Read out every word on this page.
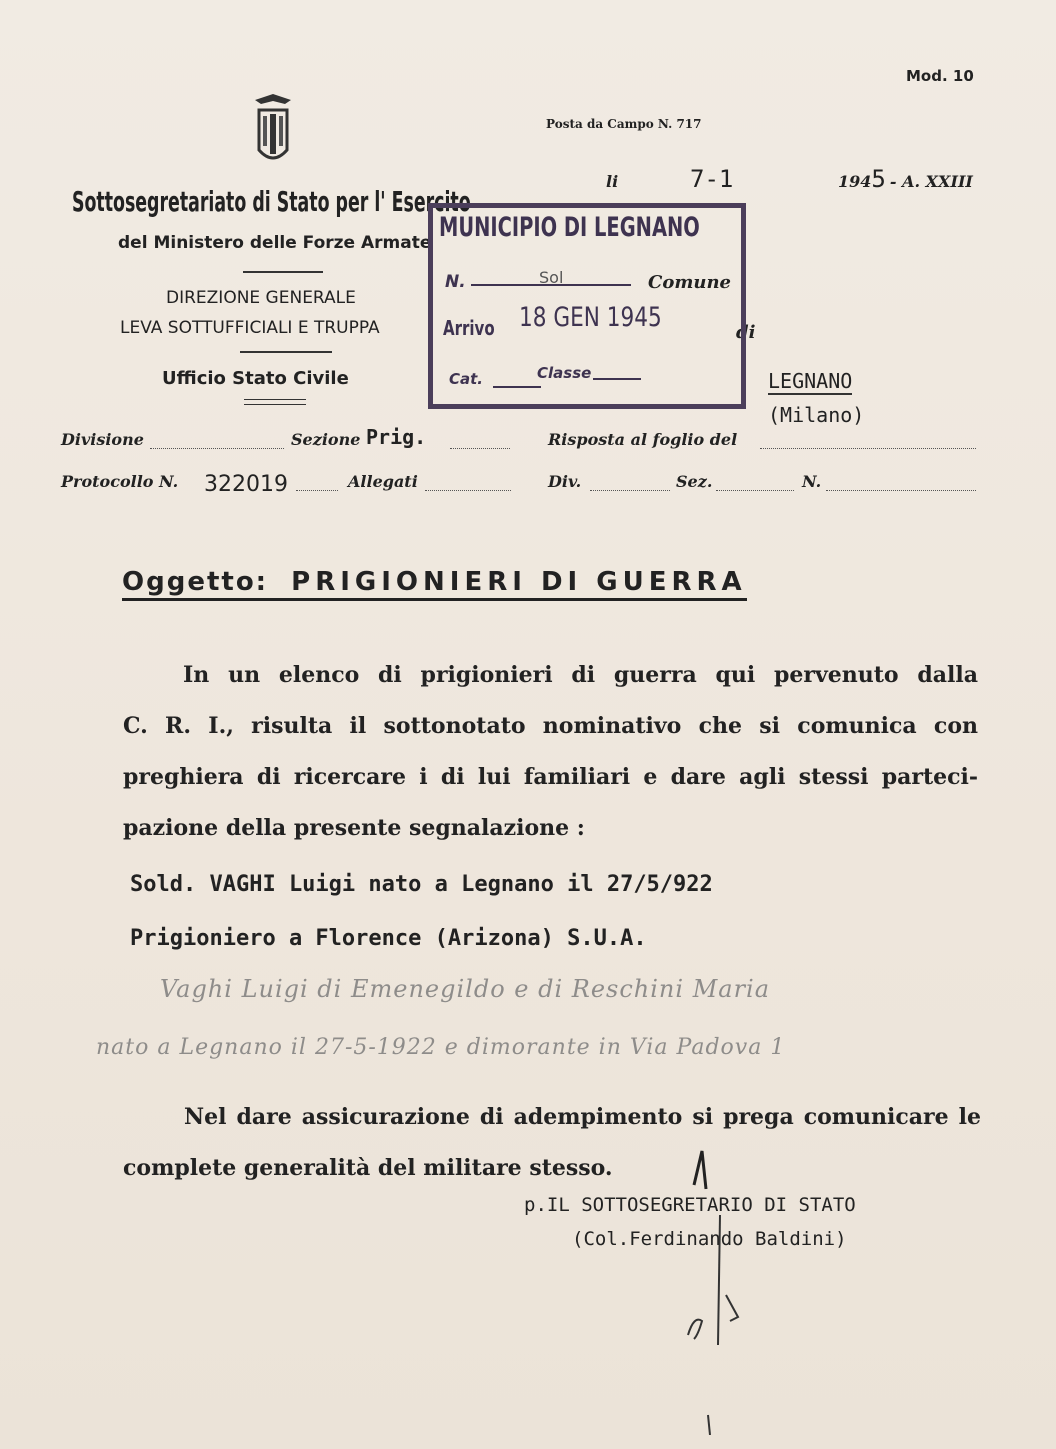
Mod. 10
Posta da Campo N. 717
li	7-1	1945 - A. XXIII
Sottosegretariato di Stato per l' Esercito
del Ministero delle Forze Armate
DIREZIONE GENERALE
LEVA SOTTUFFICIALI E TRUPPA
Ufficio Stato Civile
Comune
di
LEGNANO
(Milano)
MUNICIPIO DI LEGNANO
N.	Sol
Arrivo 18 GEN 1945
Cat.	Classe
Divisione	Sezione Prig.	Risposta al foglio del
Protocollo N. 322019	Allegati	Div.	Sez.	N.
Oggetto: PRIGIONIERI DI GUERRA
In un elenco di prigionieri di guerra qui pervenuto dalla
C. R. I., risulta il sottonotato nominativo che si comunica con
preghiera di ricercare i di lui familiari e dare agli stessi parteci-
pazione della presente segnalazione :
Sold. VAGHI Luigi nato a Legnano il 27/5/922
Prigioniero a Florence (Arizona) S.U.A.
Vaghi Luigi di Emenegildo e di Reschini Maria
nato a Legnano il 27-5-1922 e dimorante in Via Padova 1
Nel dare assicurazione di adempimento si prega comunicare le
complete generalità del militare stesso.
p.IL SOTTOSEGRETARIO DI STATO
(Col.Ferdinando Baldini)
